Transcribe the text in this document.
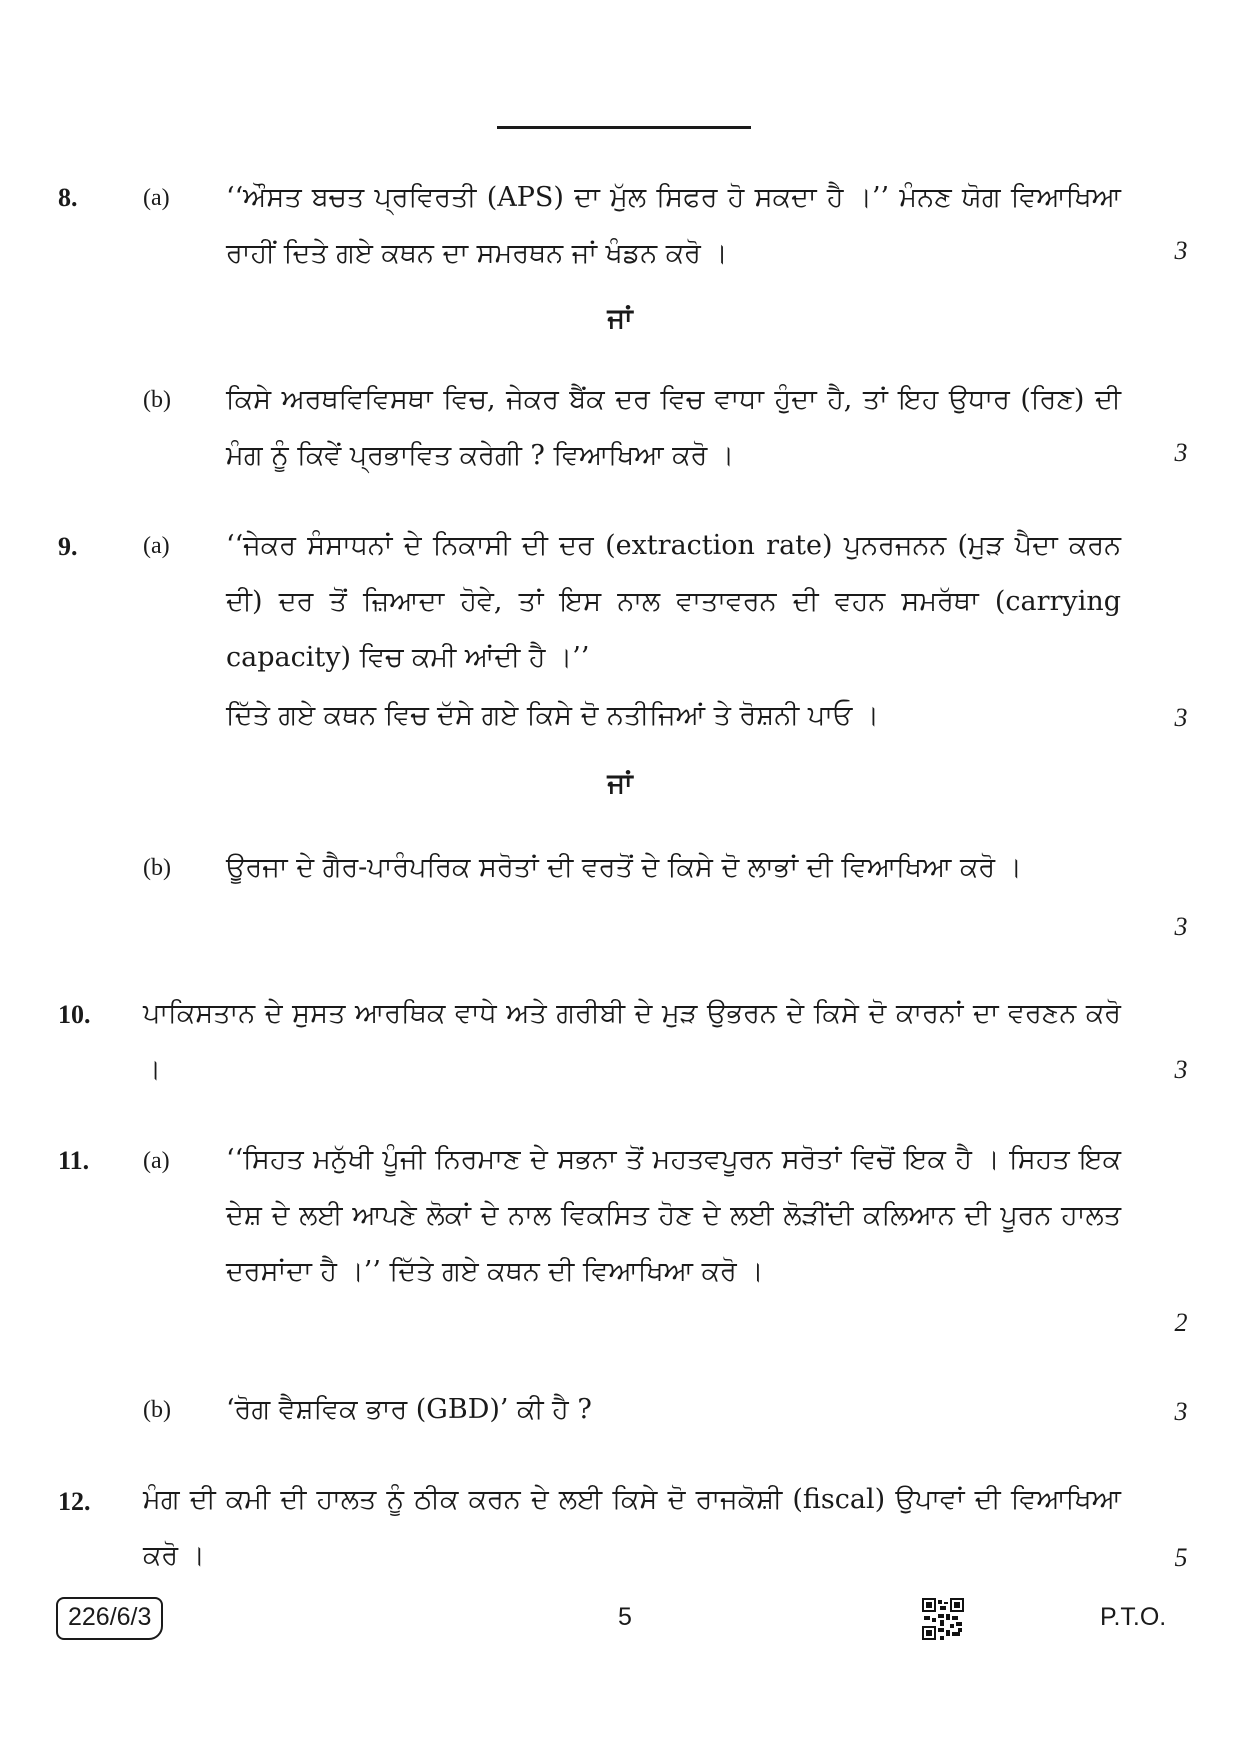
8.	(a) ‘‘ਔਸਤ ਬਚਤ ਪ੍ਰਵਿਰਤੀ (APS) ਦਾ ਮੁੱਲ ਸਿਫਰ ਹੋ ਸਕਦਾ ਹੈ ।’’ ਮੰਨਣ ਯੋਗ ਵਿਆਖਿਆ ਰਾਹੀਂ ਦਿਤੇ ਗਏ ਕਥਨ ਦਾ ਸਮਰਥਨ ਜਾਂ ਖੰਡਨ ਕਰੋ ।	3
ਜਾਂ
(b) ਕਿਸੇ ਅਰਥਵਿਵਿਸਥਾ ਵਿਚ, ਜੇਕਰ ਬੈਂਕ ਦਰ ਵਿਚ ਵਾਧਾ ਹੁੰਦਾ ਹੈ, ਤਾਂ ਇਹ ਉਧਾਰ (ਰਿਣ) ਦੀ ਮੰਗ ਨੂੰ ਕਿਵੇਂ ਪ੍ਰਭਾਵਿਤ ਕਰੇਗੀ ? ਵਿਆਖਿਆ ਕਰੋ ।	3
9.	(a) ‘‘ਜੇਕਰ ਸੰਸਾਧਨਾਂ ਦੇ ਨਿਕਾਸੀ ਦੀ ਦਰ (extraction rate) ਪੁਨਰਜਨਨ (ਮੁੜ ਪੈਦਾ ਕਰਨ ਦੀ) ਦਰ ਤੋਂ ਜ਼ਿਆਦਾ ਹੋਵੇ, ਤਾਂ ਇਸ ਨਾਲ ਵਾਤਾਵਰਨ ਦੀ ਵਹਨ ਸਮਰੱਥਾ (carrying capacity) ਵਿਚ ਕਮੀ ਆਂਦੀ ਹੈ ।’’
ਦਿੱਤੇ ਗਏ ਕਥਨ ਵਿਚ ਦੱਸੇ ਗਏ ਕਿਸੇ ਦੋ ਨਤੀਜਿਆਂ ਤੇ ਰੋਸ਼ਨੀ ਪਾਓ ।	3
ਜਾਂ
(b) ਊਰਜਾ ਦੇ ਗੈਰ-ਪਾਰੰਪਰਿਕ ਸਰੋਤਾਂ ਦੀ ਵਰਤੋਂ ਦੇ ਕਿਸੇ ਦੋ ਲਾਭਾਂ ਦੀ ਵਿਆਖਿਆ ਕਰੋ ।
3
10. ਪਾਕਿਸਤਾਨ ਦੇ ਸੁਸਤ ਆਰਥਿਕ ਵਾਧੇ ਅਤੇ ਗਰੀਬੀ ਦੇ ਮੁੜ ਉਭਰਨ ਦੇ ਕਿਸੇ ਦੋ ਕਾਰਨਾਂ ਦਾ ਵਰਣਨ ਕਰੋ ।	3
11. (a) ‘‘ਸਿਹਤ ਮਨੁੱਖੀ ਪੂੰਜੀ ਨਿਰਮਾਣ ਦੇ ਸਭਨਾ ਤੋਂ ਮਹਤਵਪੂਰਨ ਸਰੋਤਾਂ ਵਿਚੋਂ ਇਕ ਹੈ । ਸਿਹਤ ਇਕ ਦੇਸ਼ ਦੇ ਲਈ ਆਪਣੇ ਲੋਕਾਂ ਦੇ ਨਾਲ ਵਿਕਸਿਤ ਹੋਣ ਦੇ ਲਈ ਲੋੜੀਂਦੀ ਕਲਿਆਨ ਦੀ ਪੂਰਨ ਹਾਲਤ ਦਰਸਾਂਦਾ ਹੈ ।’’ ਦਿੱਤੇ ਗਏ ਕਥਨ ਦੀ ਵਿਆਖਿਆ ਕਰੋ ।
2
(b) ‘ਰੋਗ ਵੈਸ਼ਵਿਕ ਭਾਰ (GBD)’ ਕੀ ਹੈ ?	3
12. ਮੰਗ ਦੀ ਕਮੀ ਦੀ ਹਾਲਤ ਨੂੰ ਠੀਕ ਕਰਨ ਦੇ ਲਈ ਕਿਸੇ ਦੋ ਰਾਜਕੋਸ਼ੀ (fiscal) ਉਪਾਵਾਂ ਦੀ ਵਿਆਖਿਆ ਕਰੋ ।	5
226/6/3	5	P.T.O.
